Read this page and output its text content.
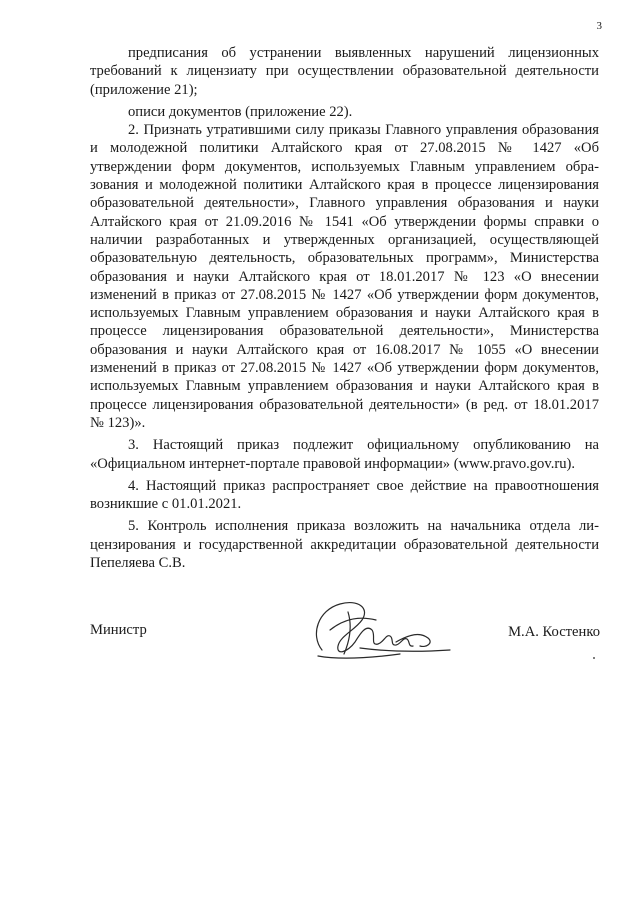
3

предписания об устранении выявленных нарушений лицензионных требований к лицензиату при осуществлении образовательной деятельности (приложение 21);

описи документов (приложение 22).

2. Признать утратившими силу приказы Главного управления образования и молодежной политики Алтайского края от 27.08.2015 № 1427 «Об утверждении форм документов, используемых Главным управлением образования и молодежной политики Алтайского края в процессе лицензирования образовательной деятельности», Главного управления образования и науки Алтайского края от 21.09.2016 № 1541 «Об утверждении формы справки о наличии разработанных и утвержденных организацией, осуществляющей образовательную деятельность, образовательных программ», Министерства образования и науки Алтайского края от 18.01.2017 № 123 «О внесении изменений в приказ от 27.08.2015 № 1427 «Об утверждении форм документов, используемых Главным управлением образования и науки Алтайского края в процессе лицензирования образовательной деятельности», Министерства образования и науки Алтайского края от 16.08.2017 № 1055 «О внесении изменений в приказ от 27.08.2015 № 1427 «Об утверждении форм документов, используемых Главным управлением образования и науки Алтайского края в процессе лицензирования образовательной деятельности» (в ред. от 18.01.2017 № 123)».

3. Настоящий приказ подлежит официальному опубликованию на «Официальном интернет-портале правовой информации» (www.pravo.gov.ru).

4. Настоящий приказ распространяет свое действие на правоотношения возникшие с 01.01.2021.

5. Контроль исполнения приказа возложить на начальника отдела лицензирования и государственной аккредитации образовательной деятельности Пепеляева С.В.

Министр	М.А. Костенко
